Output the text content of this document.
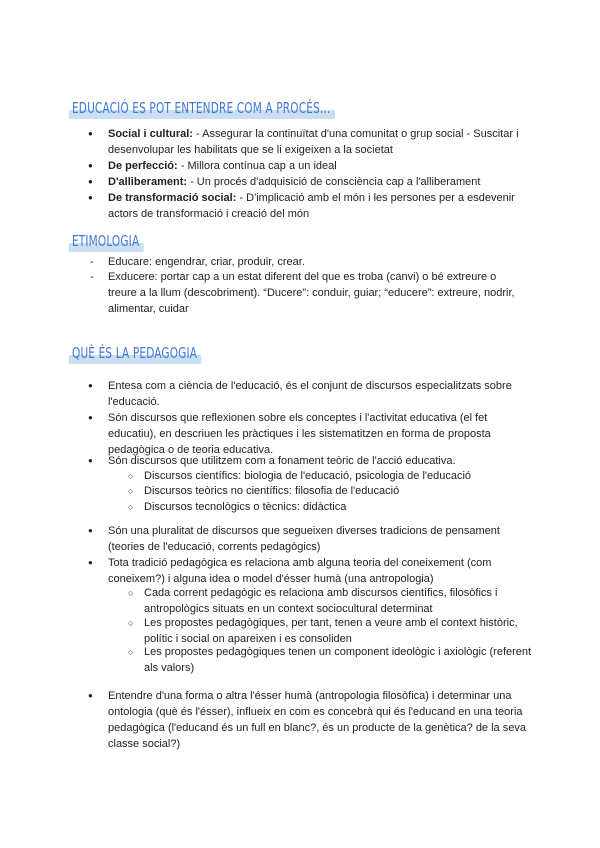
EDUCACIÓ ES POT ENTENDRE COM A PROCÉS...
● Social i cultural: - Assegurar la continuïtat d'una comunitat o grup social - Suscitar i desenvolupar les habilitats que se li exigeixen a la societat
● De perfecció: - Millora contínua cap a un ideal
● D'alliberament: - Un procés d'adquisició de consciència cap a l'alliberament
● De transformació social: - D'implicació amb el món i les persones per a esdevenir actors de transformació i creació del món
ETIMOLOGIA
- Educare: engendrar, criar, produir, crear.
- Exducere: portar cap a un estat diferent del que es troba (canvi) o bé extreure o treure a la llum (descobriment). “Ducere”: conduir, guiar; “educere”: extreure, nodrir, alimentar, cuidar
QUÈ ÉS LA PEDAGOGIA
● Entesa com a ciència de l'educació, és el conjunt de discursos especialitzats sobre l'educació.
● Són discursos que reflexionen sobre els conceptes i l'activitat educativa (el fet educatiu), en descriuen les pràctiques i les sistematitzen en forma de proposta pedagògica o de teoria educativa.
● Són discursos que utilitzem com a fonament teòric de l'acció educativa.
● Són una pluralitat de discursos que segueixen diverses tradicions de pensament (teories de l'educació, corrents pedagògics)
● Tota tradició pedagògica es relaciona amb alguna teoria del coneixement (com coneixem?) i alguna idea o model d'ésser humà (una antropologia)
● Entendre d'una forma o altra l'ésser humà (antropologia filosòfica) i determinar una ontologia (què és l'ésser), influeix en com es concebrà qui és l'educand en una teoria pedagògica (l'educand és un full en blanc?, és un producte de la genètica? de la seva classe social?)
○ Discursos científics: biologia de l'educació, psicologia de l'educació
○ Discursos teòrics no científics: filosofia de l'educació
○ Discursos tecnològics o tècnics: didàctica
○ Cada corrent pedagògic es relaciona amb discursos científics, filosòfics i antropològics situats en un context sociocultural determinat
○ Les propostes pedagògiques, per tant, tenen a veure amb el context històric, polític i social on apareixen i es consoliden
○ Les propostes pedagògiques tenen un component ideològic i axiològic (referent als valors)
